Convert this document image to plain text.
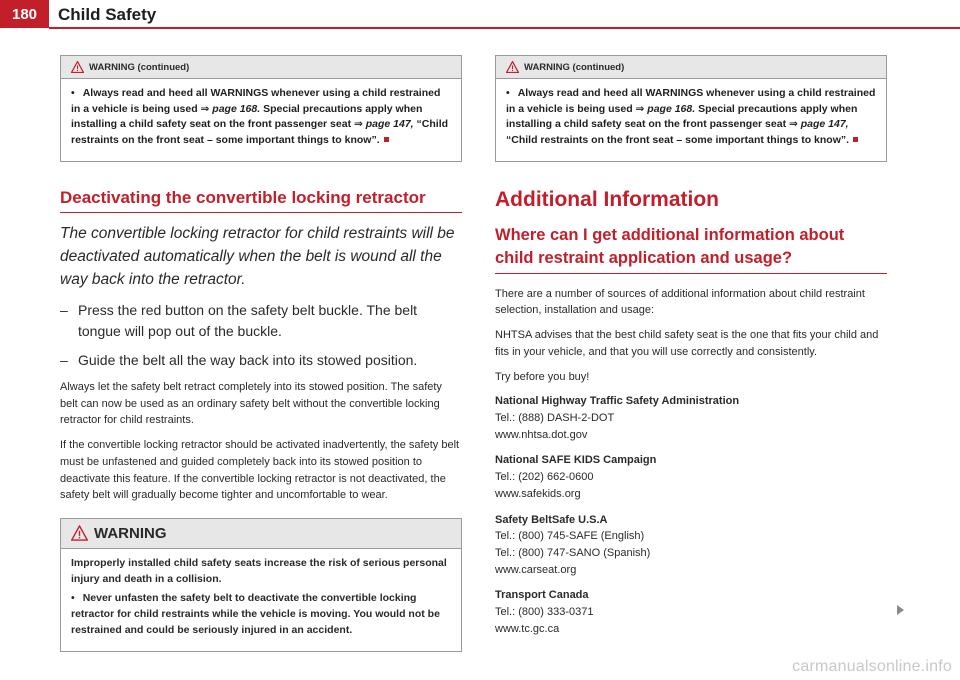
180	Child Safety
WARNING (continued)

• Always read and heed all WARNINGS whenever using a child restrained in a vehicle is being used ⇒ page 168. Special precautions apply when installing a child safety seat on the front passenger seat ⇒ page 147, “Child restraints on the front seat – some important things to know”.

Deactivating the convertible locking retractor
The convertible locking retractor for child restraints will be deactivated automatically when the belt is wound all the way back into the retractor.
– Press the red button on the safety belt buckle. The belt tongue will pop out of the buckle.
– Guide the belt all the way back into its stowed position.

Always let the safety belt retract completely into its stowed position. The safety belt can now be used as an ordinary safety belt without the convertible locking retractor for child restraints.

If the convertible locking retractor should be activated inadvertently, the safety belt must be unfastened and guided completely back into its stowed position to deactivate this feature. If the convertible locking retractor is not deactivated, the safety belt will gradually become tighter and uncomfortable to wear.

WARNING

Improperly installed child safety seats increase the risk of serious personal injury and death in a collision.

• Never unfasten the safety belt to deactivate the convertible locking retractor for child restraints while the vehicle is moving. You would not be restrained and could be seriously injured in an accident.

WARNING (continued)

• Always read and heed all WARNINGS whenever using a child restrained in a vehicle is being used ⇒ page 168. Special precautions apply when installing a child safety seat on the front passenger seat ⇒ page 147, “Child restraints on the front seat – some important things to know”.

Additional Information
Where can I get additional information about child restraint application and usage?

There are a number of sources of additional information about child restraint selection, installation and usage:

NHTSA advises that the best child safety seat is the one that fits your child and fits in your vehicle, and that you will use correctly and consistently.

Try before you buy!

National Highway Traffic Safety Administration
Tel.: (888) DASH-2-DOT
www.nhtsa.dot.gov
National SAFE KIDS Campaign
Tel.: (202) 662-0600
www.safekids.org
Safety BeltSafe U.S.A
Tel.: (800) 745-SAFE (English)
Tel.: (800) 747-SANO (Spanish)
www.carseat.org
Transport Canada
Tel.: (800) 333-0371
www.tc.gc.ca
carmanualsonline.info
